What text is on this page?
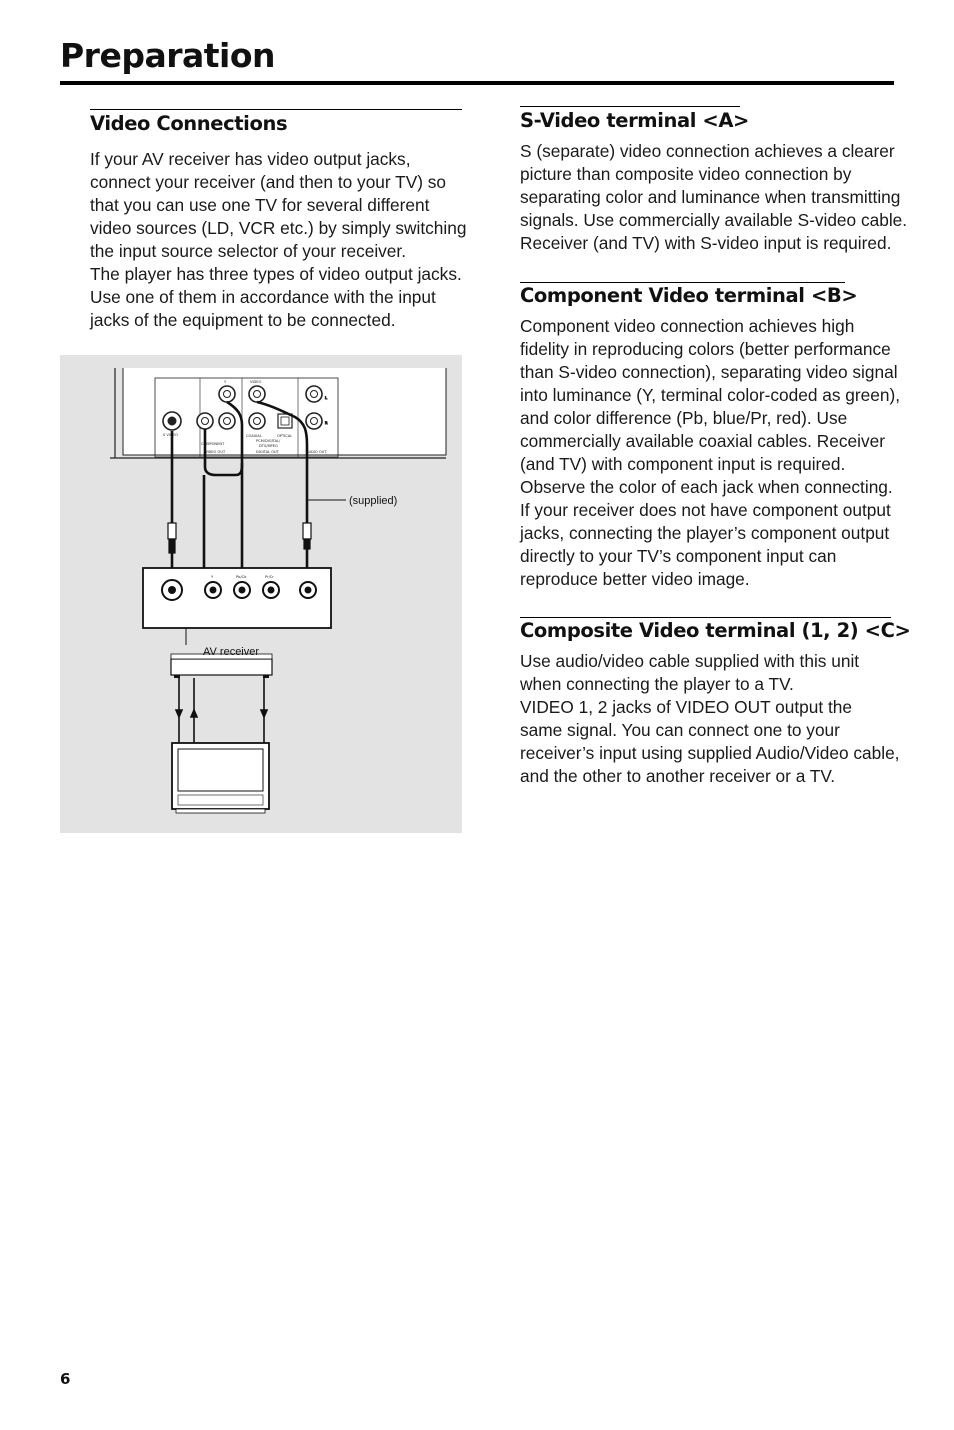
Preparation
Video Connections
If your AV receiver has video output jacks,
connect your receiver (and then to your TV) so
that you can use one TV for several different
video sources (LD, VCR etc.) by simply switching
the input source selector of your receiver.
The player has three types of video output jacks.
Use one of them in accordance with the input
jacks of the equipment to be connected.
Y	VIDEO
S VIDEO
COMPONENT
VIDEO OUT
COAXIAL	OPTICAL
PCM/DIGITAL/
DTS/MPEG
DIGITAL OUT	AUDIO OUT
L
R
(supplied)
Y	Pb/Cb	Pr/Cr
AV receiver
S-Video terminal <A>
S (separate) video connection achieves a clearer
picture than composite video connection by
separating color and luminance when transmitting
signals. Use commercially available S-video cable.
Receiver (and TV) with S-video input is required.
Component Video terminal <B>
Component video connection achieves high
fidelity in reproducing colors (better performance
than S-video connection), separating video signal
into luminance (Y, terminal color-coded as green),
and color difference (Pb, blue/Pr, red). Use
commercially available coaxial cables. Receiver
(and TV) with component input is required.
Observe the color of each jack when connecting.
If your receiver does not have component output
jacks, connecting the player’s component output
directly to your TV’s component input can
reproduce better video image.
Composite Video terminal (1, 2) <C>
Use audio/video cable supplied with this unit
when connecting the player to a TV.
VIDEO 1, 2 jacks of VIDEO OUT output the
same signal. You can connect one to your
receiver’s input using supplied Audio/Video cable,
and the other to another receiver or a TV.

6
